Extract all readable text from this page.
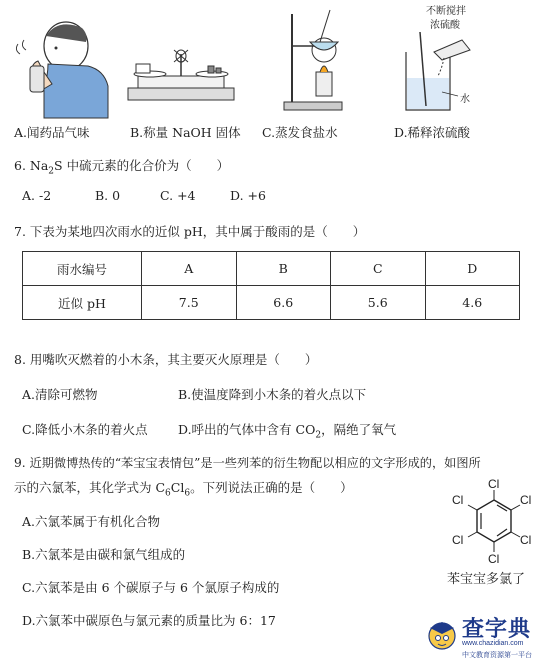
A.闻药品气味	B.称量 NaOH 固体 C.蒸发食盐水
不断搅拌
浓硫酸
水
D.稀释浓硫酸
6. $Na_2S$ 中硫元素的化合价为（　　）
A. -2	B. 0	C. +4	D. +6
7. 下表为某地四次雨水的近似 pH，其中属于酸雨的是（　　）
雨水编号	A	B	C	D
近似 pH	7.5	6.6	5.6	4.6
8. 用嘴吹灭燃着的小木条，其主要灭火原理是（　　）
A.清除可燃物	B.使温度降到小木条的着火点以下
C.降低小木条的着火点 D.呼出的气体中含有 $CO_2$，隔绝了氧气
9. 近期微博热传的“苯宝宝表情包”是一些列苯的衍生物配以相应的文字形成的，如图所
示的六氯苯，其化学式为 $C_6Cl_6$。下列说法正确的是（　　）
A.六氯苯属于有机化合物
B.六氯苯是由碳和氯气组成的
C.六氯苯是由 6 个碳原子与 6 个氯原子构成的
D.六氯苯中碳原色与氯元素的质量比为 6：17
Cl
Cl
Cl
Cl
Cl
Cl
苯宝宝多氯了
查字典
www.chazidian.com
中文教育资源第一平台
